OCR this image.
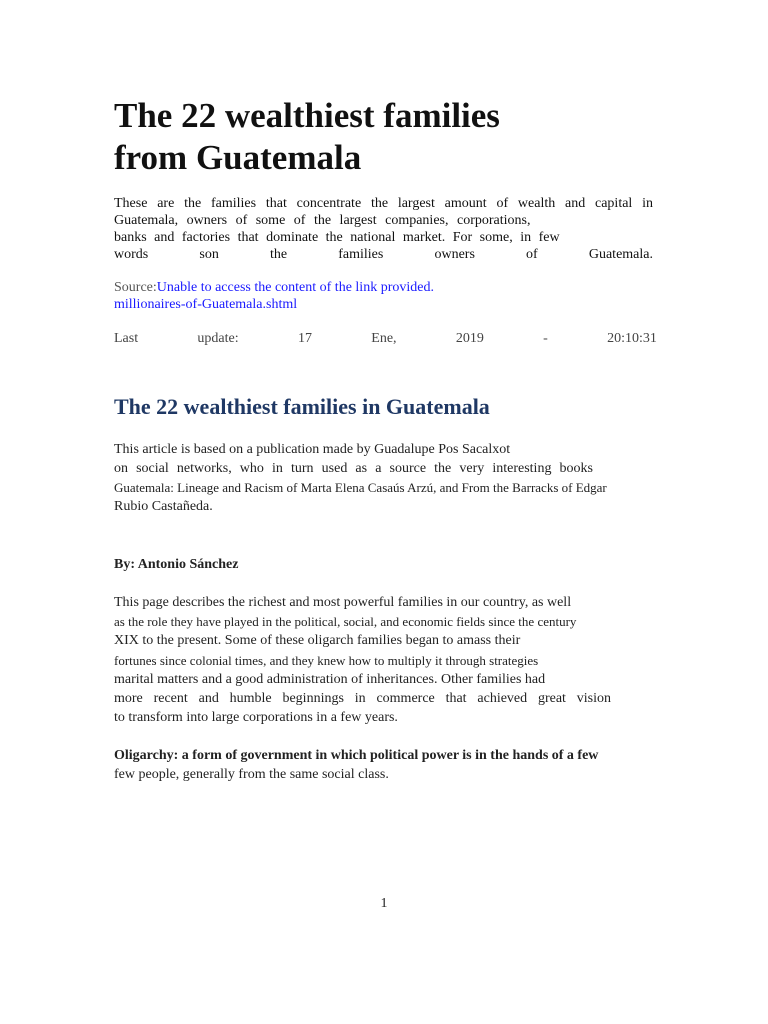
The 22 wealthiest families
from Guatemala

These are the families that concentrate the largest amount of wealth and capital in
Guatemala, owners of some of the largest companies, corporations,
banks and factories that dominate the national market. For some, in few
words son the families owners of Guatemala.

Source:Unable to access the content of the link provided.
millionaires-of-Guatemala.shtml

Last	update:	17	Ene,	2019	-	20:10:31

The 22 wealthiest families in Guatemala

This article is based on a publication made by Guadalupe Pos Sacalxot
on social networks, who in turn used as a source the very interesting books
Guatemala: Lineage and Racism of Marta Elena Casaús Arzú, and From the Barracks of Edgar
Rubio Castañeda.

By: Antonio Sánchez

This page describes the richest and most powerful families in our country, as well
as the role they have played in the political, social, and economic fields since the century
XIX to the present. Some of these oligarch families began to amass their
fortunes since colonial times, and they knew how to multiply it through strategies
marital matters and a good administration of inheritances. Other families had
more recent and humble beginnings in commerce that achieved great vision
to transform into large corporations in a few years.

Oligarchy: a form of government in which political power is in the hands of a few
few people, generally from the same social class.

1
